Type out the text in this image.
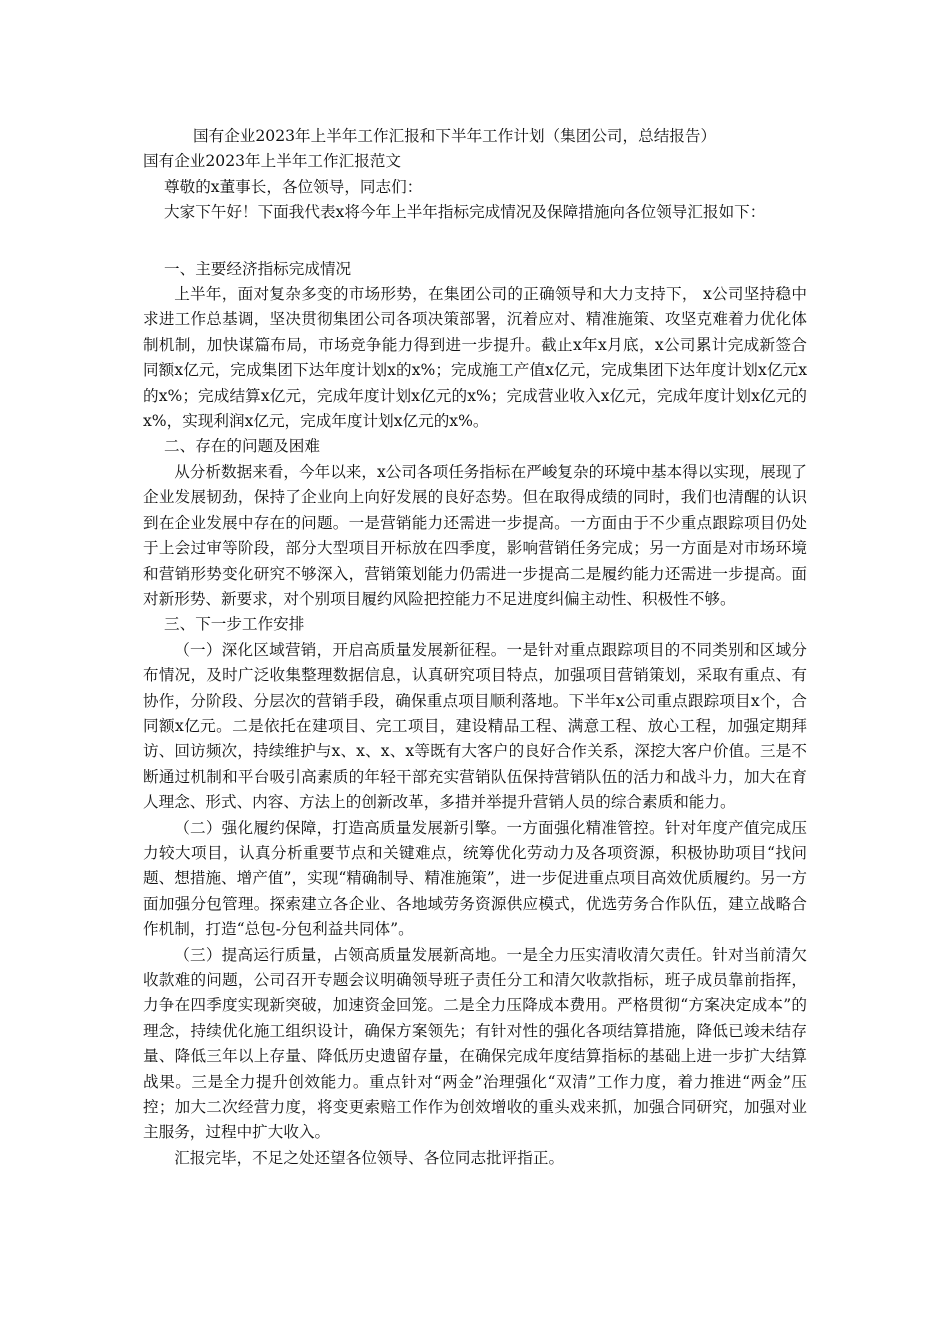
国有企业2023年上半年工作汇报和下半年工作计划（集团公司，总结报告）

国有企业2023年上半年工作汇报范文

尊敬的x董事长，各位领导，同志们：

大家下午好！下面我代表x将今年上半年指标完成情况及保障措施向各位领导汇报如下：

一、主要经济指标完成情况

上半年，面对复杂多变的市场形势，在集团公司的正确领导和大力支持下， x公司坚持稳中求进工作总基调，坚决贯彻集团公司各项决策部署，沉着应对、精准施策、攻坚克难着力优化体制机制，加快谋篇布局，市场竞争能力得到进一步提升。截止x年x月底，x公司累计完成新签合同额x亿元，完成集团下达年度计划x的x%；完成施工产值x亿元，完成集团下达年度计划x亿元x的x%；完成结算x亿元，完成年度计划x亿元的x%；完成营业收入x亿元，完成年度计划x亿元的x%，实现利润x亿元，完成年度计划x亿元的x%。

二、存在的问题及困难

从分析数据来看，今年以来，x公司各项任务指标在严峻复杂的环境中基本得以实现，展现了企业发展韧劲，保持了企业向上向好发展的良好态势。但在取得成绩的同时，我们也清醒的认识到在企业发展中存在的问题。一是营销能力还需进一步提高。一方面由于不少重点跟踪项目仍处于上会过审等阶段，部分大型项目开标放在四季度，影响营销任务完成；另一方面是对市场环境和营销形势变化研究不够深入，营销策划能力仍需进一步提高二是履约能力还需进一步提高。面对新形势、新要求，对个别项目履约风险把控能力不足进度纠偏主动性、积极性不够。

三、下一步工作安排

（一）深化区域营销，开启高质量发展新征程。一是针对重点跟踪项目的不同类别和区域分布情况，及时广泛收集整理数据信息，认真研究项目特点，加强项目营销策划，采取有重点、有协作，分阶段、分层次的营销手段，确保重点项目顺利落地。下半年x公司重点跟踪项目x个，合同额x亿元。二是依托在建项目、完工项目，建设精品工程、满意工程、放心工程，加强定期拜访、回访频次，持续维护与x、x、x、x等既有大客户的良好合作关系，深挖大客户价值。三是不断通过机制和平台吸引高素质的年轻干部充实营销队伍保持营销队伍的活力和战斗力，加大在育人理念、形式、内容、方法上的创新改革，多措并举提升营销人员的综合素质和能力。

（二）强化履约保障，打造高质量发展新引擎。一方面强化精准管控。针对年度产值完成压力较大项目，认真分析重要节点和关键难点，统筹优化劳动力及各项资源，积极协助项目“找问题、想措施、增产值”，实现“精确制导、精准施策”，进一步促进重点项目高效优质履约。另一方面加强分包管理。探索建立各企业、各地域劳务资源供应模式，优选劳务合作队伍，建立战略合作机制，打造“总包-分包利益共同体”。

（三）提高运行质量，占领高质量发展新高地。一是全力压实清收清欠责任。针对当前清欠收款难的问题，公司召开专题会议明确领导班子责任分工和清欠收款指标，班子成员靠前指挥，力争在四季度实现新突破，加速资金回笼。二是全力压降成本费用。严格贯彻“方案决定成本”的理念，持续优化施工组织设计，确保方案领先；有针对性的强化各项结算措施，降低已竣未结存量、降低三年以上存量、降低历史遗留存量，在确保完成年度结算指标的基础上进一步扩大结算战果。三是全力提升创效能力。重点针对“两金”治理强化“双清”工作力度，着力推进“两金”压控；加大二次经营力度，将变更索赔工作作为创效增收的重头戏来抓，加强合同研究，加强对业主服务，过程中扩大收入。

汇报完毕，不足之处还望各位领导、各位同志批评指正。
